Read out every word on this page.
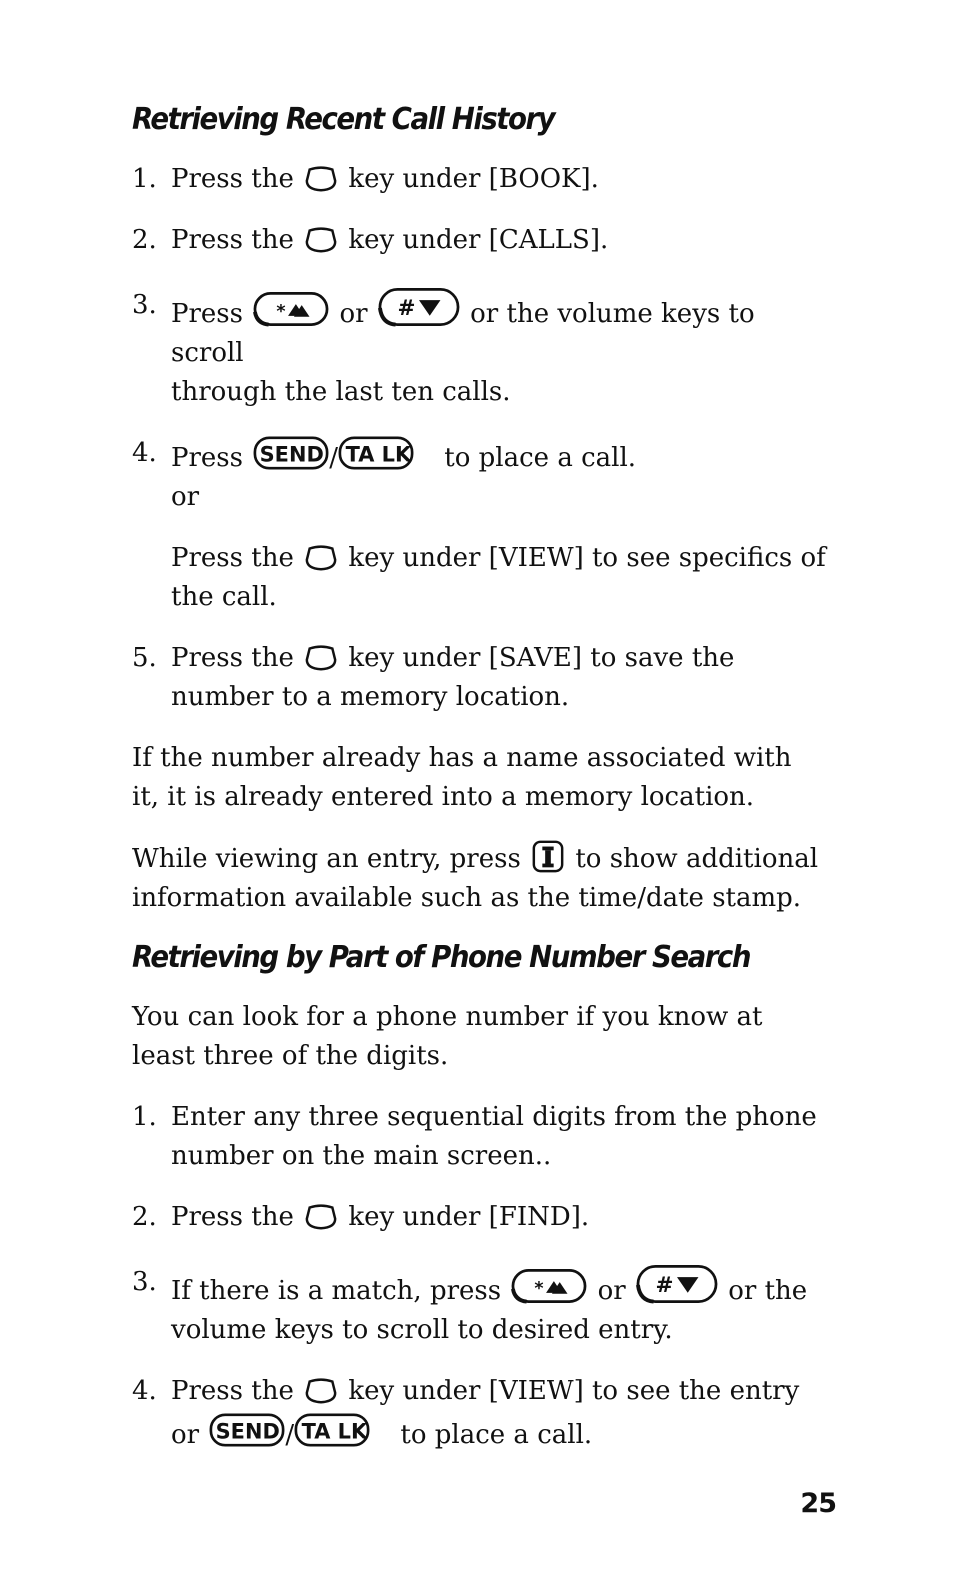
Retrieving Recent Call History
1. Press the key under [BOOK].
2. Press the key under [CALLS].
3. Press	or	or the volume keys to scroll
through the last ten calls.
4. Press	/	to place a call.
or

Press the key under [VIEW] to see specifics of
the call.

5. Press the key under [SAVE] to save the
number to a memory location.

If the number already has a name associated with
it, it is already entered into a memory location.

While viewing an entry, press to show additional
information available such as the time/date stamp.

Retrieving by Part of Phone Number Search

You can look for a phone number if you know at
least three of the digits.

1. Enter any three sequential digits from the phone
number on the main screen..
2. Press the key under [FIND].
3. If there is a match, press	or	or the
volume keys to scroll to desired entry.
4. Press the key under [VIEW] to see the entry
or	/	to place a call.
25
